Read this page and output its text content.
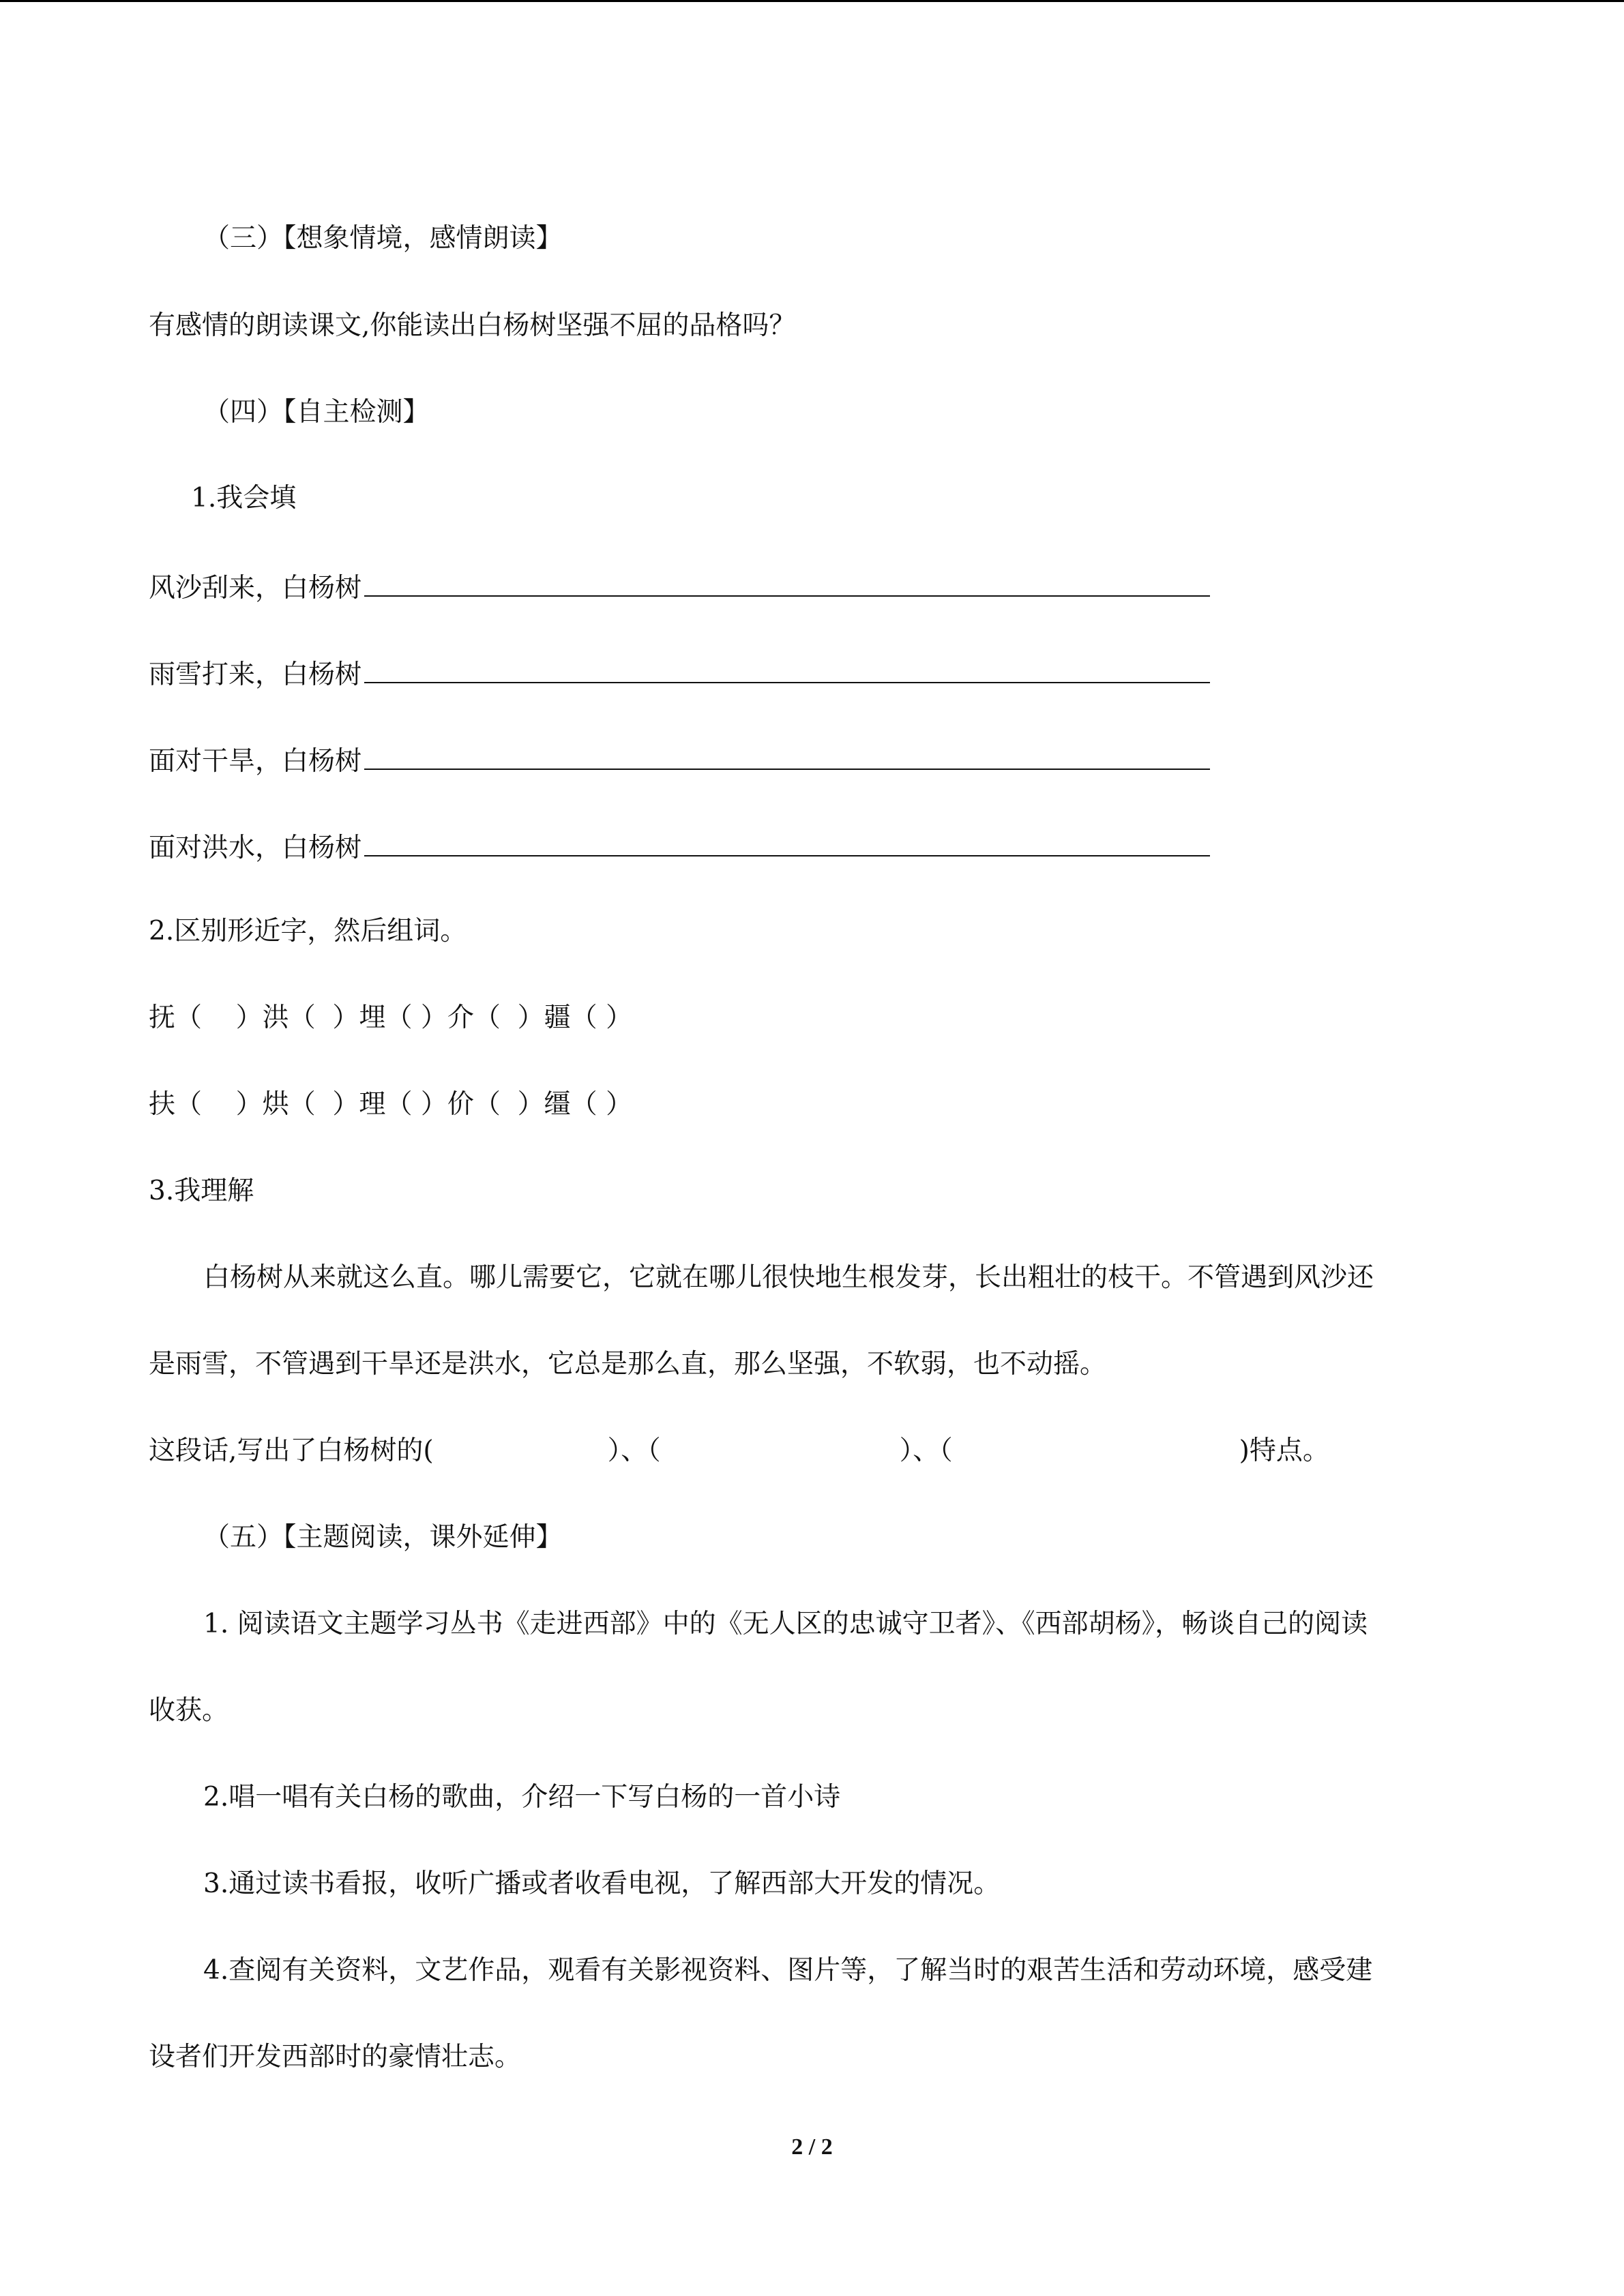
（三）【想象情境，感情朗读】
有感情的朗读课文,你能读出白杨树坚强不屈的品格吗？
（四）【自主检测】
1.我会填
风沙刮来，白杨树
雨雪打来，白杨树
面对干旱，白杨树
面对洪水，白杨树
2.区别形近字，然后组词。
抚（    ）洪（  ）埋（ ）介（  ）疆（ ）
扶（    ）烘（  ）理（ ）价（  ）缰（ ）
3.我理解
白杨树从来就这么直。哪儿需要它，它就在哪儿很快地生根发芽，长出粗壮的枝干。不管遇到风沙还
是雨雪，不管遇到干旱还是洪水，它总是那么直，那么坚强，不软弱，也不动摇。
这段话,写出了白杨树的(	）、（	）、（	)特点。
（五）【主题阅读，课外延伸】
1. 阅读语文主题学习丛书《走进西部》中的《无人区的忠诚守卫者》、《西部胡杨》，畅谈自己的阅读
收获。
2.唱一唱有关白杨的歌曲，介绍一下写白杨的一首小诗
3.通过读书看报，收听广播或者收看电视，了解西部大开发的情况。
4.查阅有关资料，文艺作品，观看有关影视资料、图片等，了解当时的艰苦生活和劳动环境，感受建
设者们开发西部时的豪情壮志。
2 / 2
